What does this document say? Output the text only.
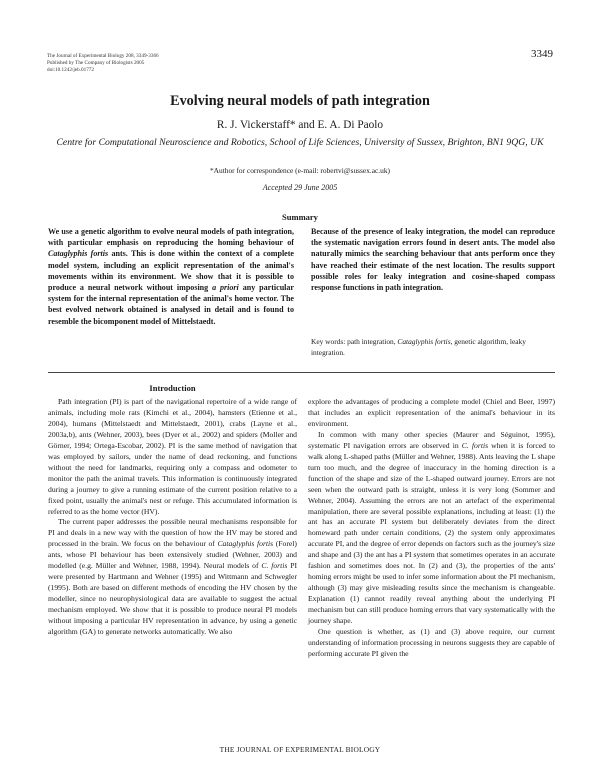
The Journal of Experimental Biology 208, 3349-3366
Published by The Company of Biologists 2005
doi:10.1242/jeb.01772
3349
Evolving neural models of path integration
R. J. Vickerstaff* and E. A. Di Paolo
Centre for Computational Neuroscience and Robotics, School of Life Sciences, University of Sussex, Brighton, BN1 9QG, UK
*Author for correspondence (e-mail: robertvi@sussex.ac.uk)
Accepted 29 June 2005
Summary
We use a genetic algorithm to evolve neural models of path integration, with particular emphasis on reproducing the homing behaviour of Cataglyphis fortis ants. This is done within the context of a complete model system, including an explicit representation of the animal's movements within its environment. We show that it is possible to produce a neural network without imposing a priori any particular system for the internal representation of the animal's home vector. The best evolved network obtained is analysed in detail and is found to resemble the bicomponent model of Mittelstaedt.
Because of the presence of leaky integration, the model can reproduce the systematic navigation errors found in desert ants. The model also naturally mimics the searching behaviour that ants perform once they have reached their estimate of the nest location. The results support possible roles for leaky integration and cosine-shaped compass response functions in path integration.
Key words: path integration, Cataglyphis fortis, genetic algorithm, leaky integration.
Introduction

Path integration (PI) is part of the navigational repertoire of a wide range of animals, including mole rats (Kimchi et al., 2004), hamsters (Etienne et al., 2004), humans (Mittelstaedt and Mittelstaedt, 2001), crabs (Layne et al., 2003a,b), ants (Wehner, 2003), bees (Dyer et al., 2002) and spiders (Moller and Görner, 1994; Ortega-Escobar, 2002). PI is the same method of navigation that was employed by sailors, under the name of dead reckoning, and functions without the need for landmarks, requiring only a compass and odometer to monitor the path the animal travels. This information is continuously integrated during a journey to give a running estimate of the current position relative to a fixed point, usually the animal's nest or refuge. This accumulated information is referred to as the home vector (HV).

The current paper addresses the possible neural mechanisms responsible for PI and deals in a new way with the question of how the HV may be stored and processed in the brain. We focus on the behaviour of Cataglyphis fortis (Forel) ants, whose PI behaviour has been extensively studied (Wehner, 2003) and modelled (e.g. Müller and Wehner, 1988, 1994). Neural models of C. fortis PI were presented by Hartmann and Wehner (1995) and Wittmann and Schwegler (1995). Both are based on different methods of encoding the HV chosen by the modeller, since no neurophysiological data are available to suggest the actual mechanism employed. We show that it is possible to produce neural PI models without imposing a particular HV representation in advance, by using a genetic algorithm (GA) to generate networks automatically. We also

explore the advantages of producing a complete model (Chiel and Beer, 1997) that includes an explicit representation of the animal's behaviour in its environment.

In common with many other species (Maurer and Séguinot, 1995), systematic PI navigation errors are observed in C. fortis when it is forced to walk along L-shaped paths (Müller and Wehner, 1988). Ants leaving the L shape turn too much, and the degree of inaccuracy in the homing direction is a function of the shape and size of the L-shaped outward journey. Errors are not seen when the outward path is straight, unless it is very long (Sommer and Wehner, 2004). Assuming the errors are not an artefact of the experimental manipulation, there are several possible explanations, including at least: (1) the ant has an accurate PI system but deliberately deviates from the direct homeward path under certain conditions, (2) the system only approximates accurate PI, and the degree of error depends on factors such as the journey's size and shape and (3) the ant has a PI system that sometimes operates in an accurate fashion and sometimes does not. In (2) and (3), the properties of the ants' homing errors might be used to infer some information about the PI mechanism, although (3) may give misleading results since the mechanism is changeable. Explanation (1) cannot readily reveal anything about the underlying PI mechanism but can still produce homing errors that vary systematically with the journey shape.

One question is whether, as (1) and (3) above require, our current understanding of information processing in neurons suggests they are capable of performing accurate PI given the

THE JOURNAL OF EXPERIMENTAL BIOLOGY
